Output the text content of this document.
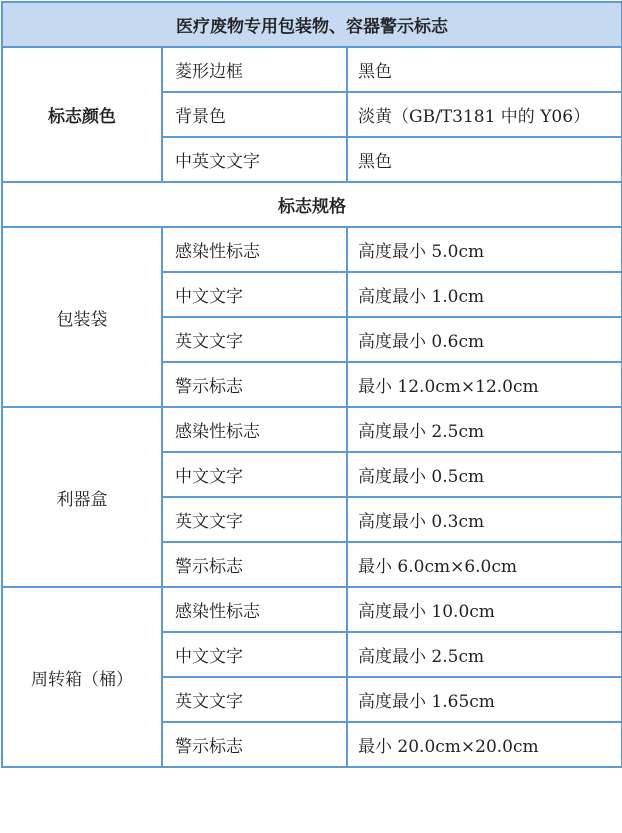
医疗废物专用包装物、容器警示标志		
标志颜色	菱形边框	黑色
	背景色	淡黄（GB/T3181 中的 Y06）
	中英文文字	黑色
标志规格		
包装袋	感染性标志	高度最小 5.0cm
	中文文字	高度最小 1.0cm
	英文文字	高度最小 0.6cm
	警示标志	最小 12.0cm×12.0cm
利器盒	感染性标志	高度最小 2.5cm
	中文文字	高度最小 0.5cm
	英文文字	高度最小 0.3cm
	警示标志	最小 6.0cm×6.0cm
周转箱（桶）	感染性标志	高度最小 10.0cm
	中文文字	高度最小 2.5cm
	英文文字	高度最小 1.65cm
	警示标志	最小 20.0cm×20.0cm
